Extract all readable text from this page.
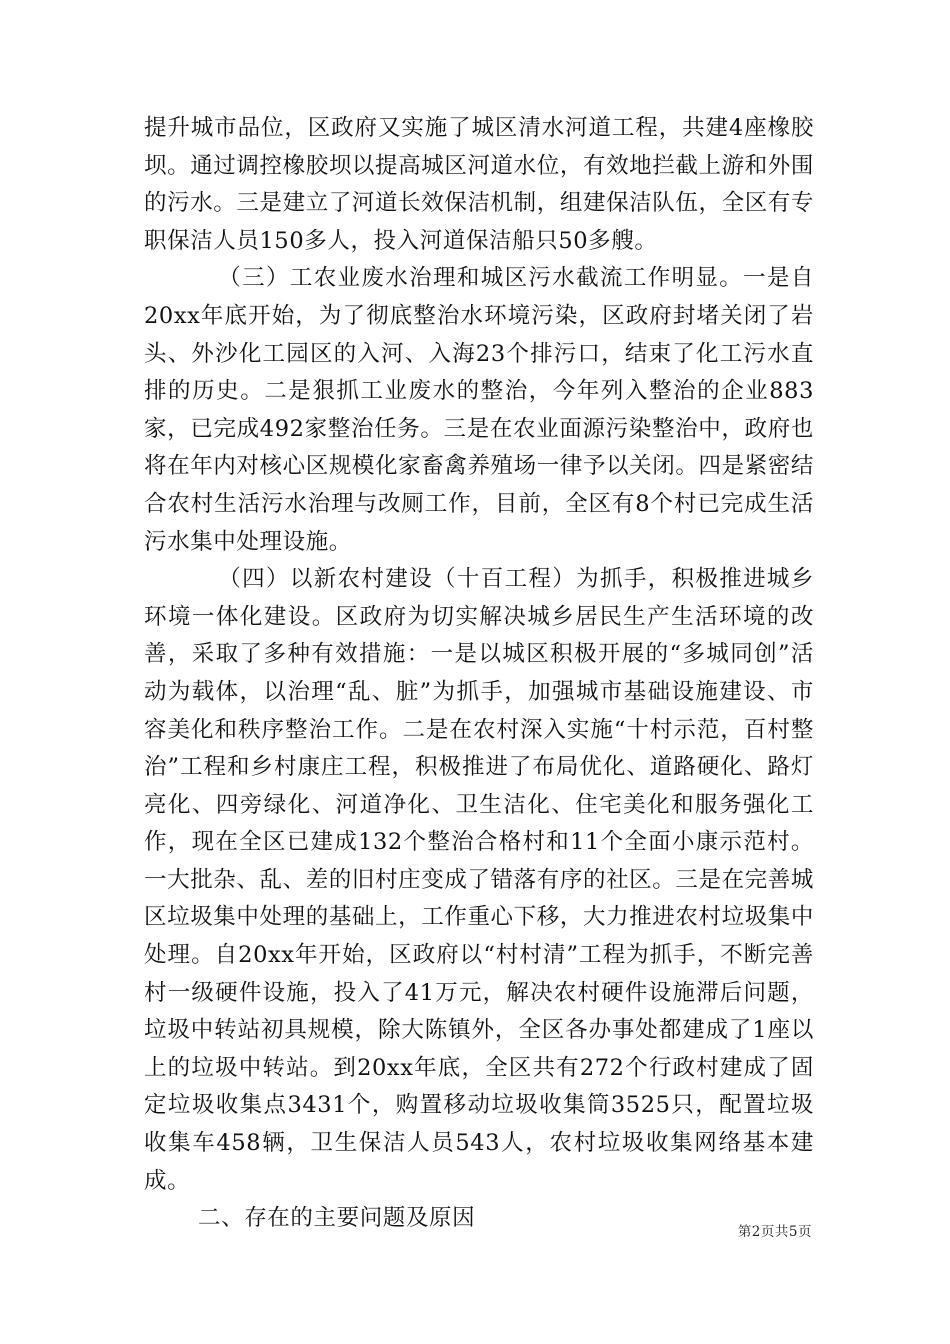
提升城市品位，区政府又实施了城区清水河道工程，共建4座橡胶坝。通过调控橡胶坝以提高城区河道水位，有效地拦截上游和外围的污水。三是建立了河道长效保洁机制，组建保洁队伍，全区有专职保洁人员150多人，投入河道保洁船只50多艘。

（三）工农业废水治理和城区污水截流工作明显。一是自20xx年底开始，为了彻底整治水环境污染，区政府封堵关闭了岩头、外沙化工园区的入河、入海23个排污口，结束了化工污水直排的历史。二是狠抓工业废水的整治，今年列入整治的企业883家，已完成492家整治任务。三是在农业面源污染整治中，政府也将在年内对核心区规模化家畜禽养殖场一律予以关闭。四是紧密结合农村生活污水治理与改厕工作，目前，全区有8个村已完成生活污水集中处理设施。

（四）以新农村建设（十百工程）为抓手，积极推进城乡环境一体化建设。区政府为切实解决城乡居民生产生活环境的改善，采取了多种有效措施：一是以城区积极开展的“多城同创”活动为载体，以治理“乱、脏”为抓手，加强城市基础设施建设、市容美化和秩序整治工作。二是在农村深入实施“十村示范，百村整治”工程和乡村康庄工程，积极推进了布局优化、道路硬化、路灯亮化、四旁绿化、河道净化、卫生洁化、住宅美化和服务强化工作，现在全区已建成132个整治合格村和11个全面小康示范村。一大批杂、乱、差的旧村庄变成了错落有序的社区。三是在完善城区垃圾集中处理的基础上，工作重心下移，大力推进农村垃圾集中处理。自20xx年开始，区政府以“村村清”工程为抓手，不断完善村一级硬件设施，投入了41万元，解决农村硬件设施滞后问题，垃圾中转站初具规模，除大陈镇外，全区各办事处都建成了1座以上的垃圾中转站。到20xx年底，全区共有272个行政村建成了固定垃圾收集点3431个，购置移动垃圾收集筒3525只，配置垃圾收集车458辆，卫生保洁人员543人，农村垃圾收集网络基本建成。

二、存在的主要问题及原因

第2页共5页
